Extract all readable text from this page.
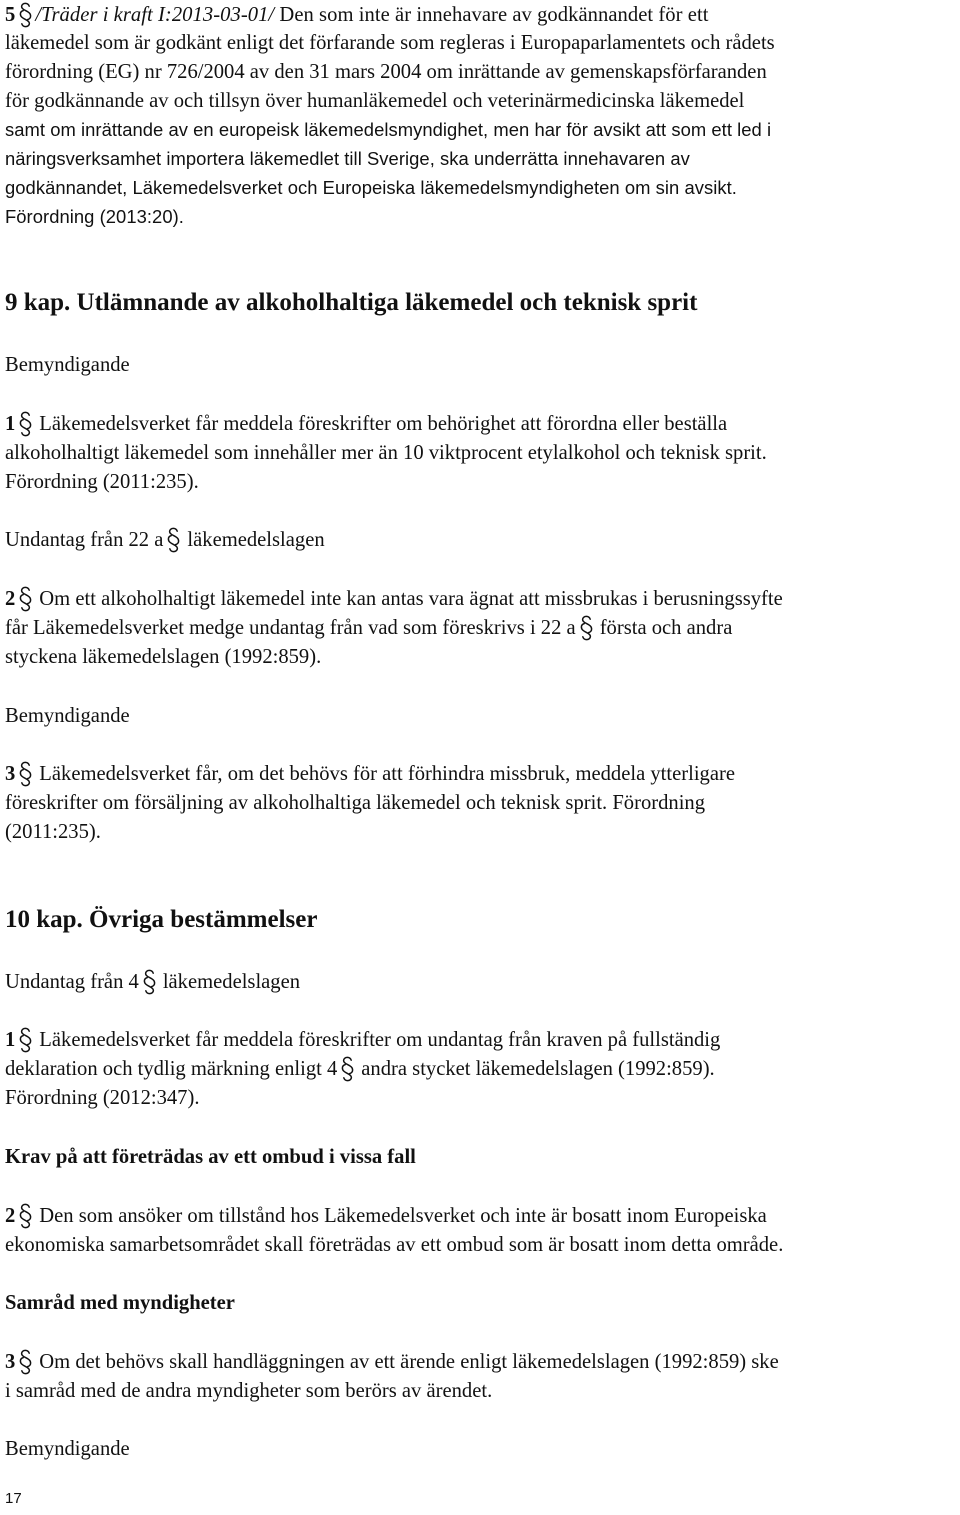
5 /Träder i kraft I:2013-03-01/ Den som inte är innehavare av godkännandet för ett
läkemedel som är godkänt enligt det förfarande som regleras i Europaparlamentets och rådets
förordning (EG) nr 726/2004 av den 31 mars 2004 om inrättande av gemenskapsförfaranden
för godkännande av och tillsyn över humanläkemedel och veterinärmedicinska läkemedel
samt om inrättande av en europeisk läkemedelsmyndighet, men har för avsikt att som ett led i
näringsverksamhet importera läkemedlet till Sverige, ska underrätta innehavaren av
godkännandet, Läkemedelsverket och Europeiska läkemedelsmyndigheten om sin avsikt.
Förordning (2013:20).
9 kap. Utlämnande av alkoholhaltiga läkemedel och teknisk sprit
Bemyndigande
1 Läkemedelsverket får meddela föreskrifter om behörighet att förordna eller beställa
alkoholhaltigt läkemedel som innehåller mer än 10 viktprocent etylalkohol och teknisk sprit.
Förordning (2011:235).
Undantag från 22 a läkemedelslagen
2 Om ett alkoholhaltigt läkemedel inte kan antas vara ägnat att missbrukas i berusningssyfte
får Läkemedelsverket medge undantag från vad som föreskrivs i 22 a första och andra
styckena läkemedelslagen (1992:859).
Bemyndigande
3 Läkemedelsverket får, om det behövs för att förhindra missbruk, meddela ytterligare
föreskrifter om försäljning av alkoholhaltiga läkemedel och teknisk sprit. Förordning
(2011:235).
10 kap. Övriga bestämmelser
Undantag från 4 läkemedelslagen
1 Läkemedelsverket får meddela föreskrifter om undantag från kraven på fullständig
deklaration och tydlig märkning enligt 4 andra stycket läkemedelslagen (1992:859).
Förordning (2012:347).
Krav på att företrädas av ett ombud i vissa fall
2 Den som ansöker om tillstånd hos Läkemedelsverket och inte är bosatt inom Europeiska
ekonomiska samarbetsområdet skall företrädas av ett ombud som är bosatt inom detta område.
Samråd med myndigheter
3 Om det behövs skall handläggningen av ett ärende enligt läkemedelslagen (1992:859) ske
i samråd med de andra myndigheter som berörs av ärendet.
Bemyndigande
17
